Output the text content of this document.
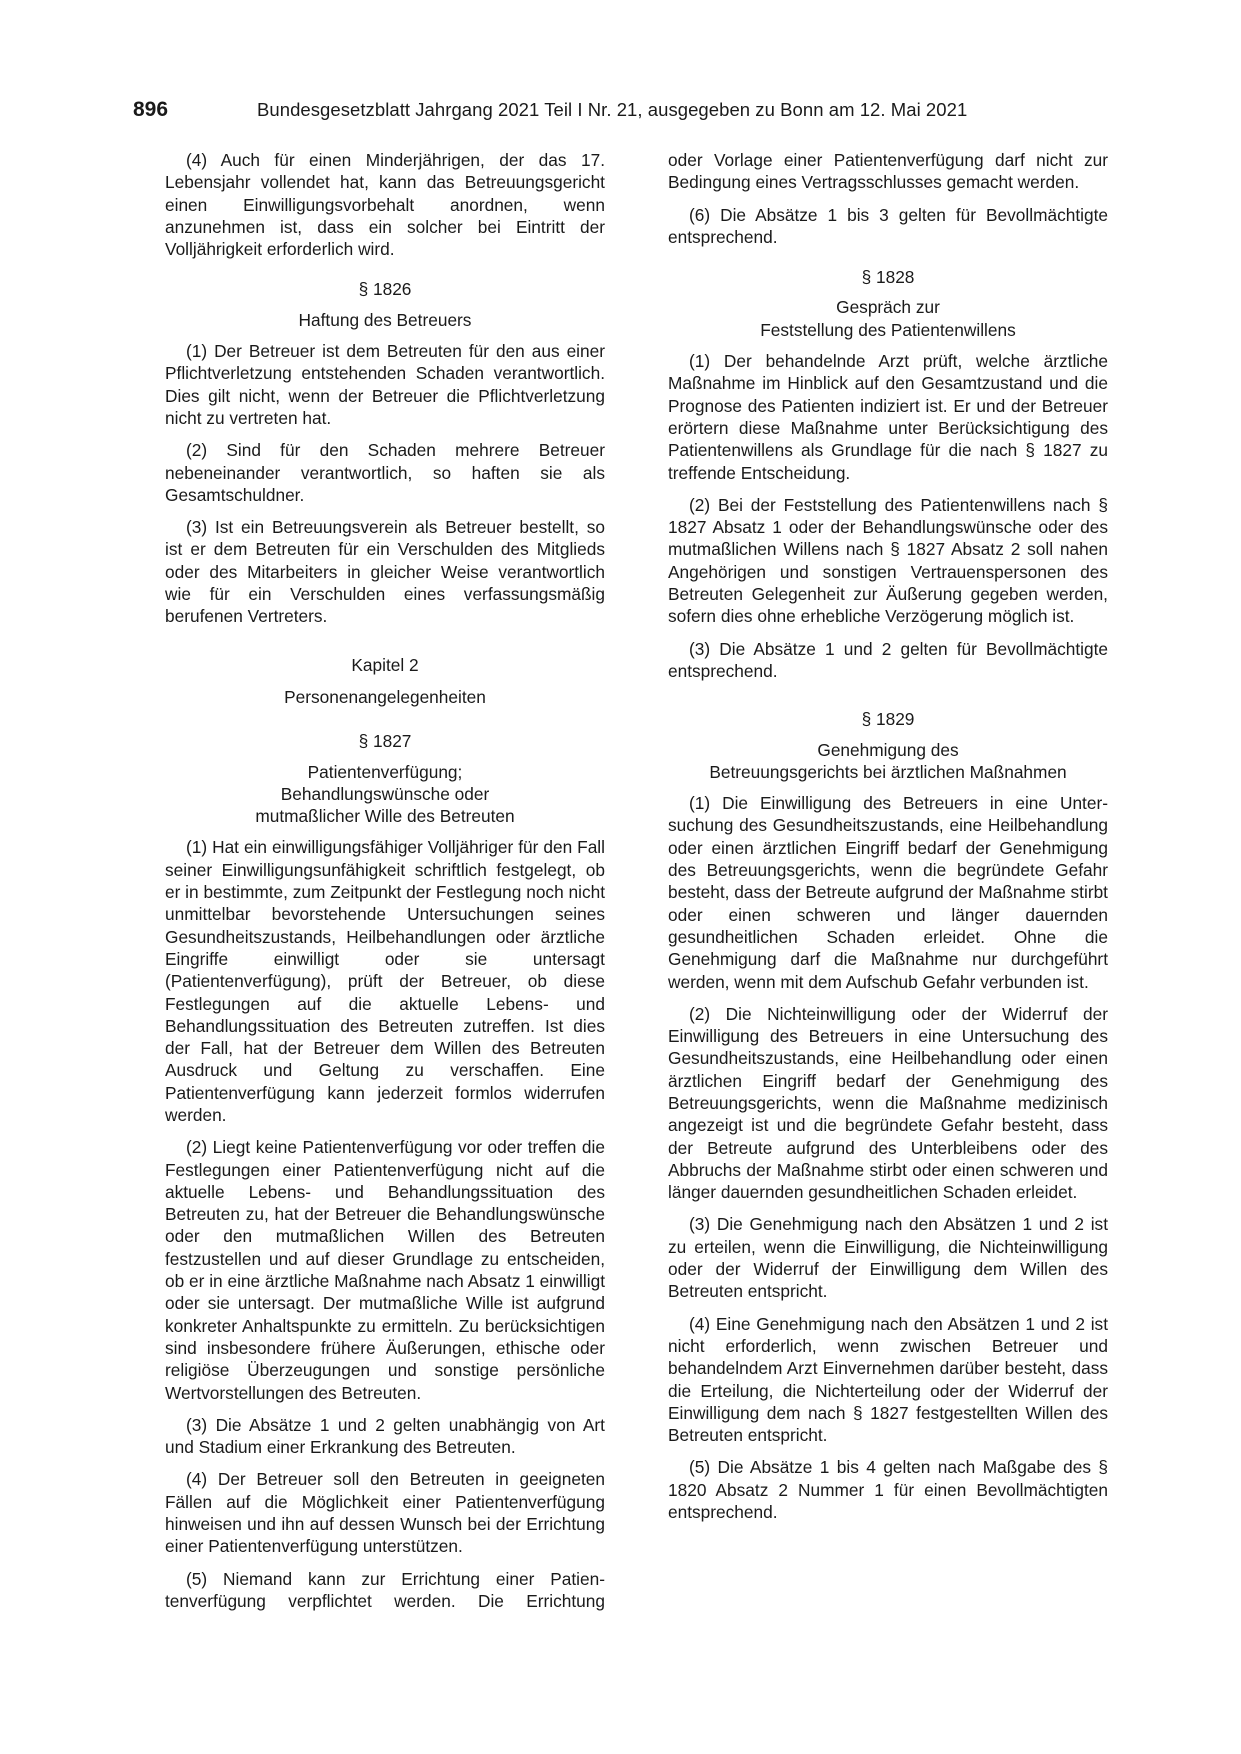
896	Bundesgesetzblatt Jahrgang 2021 Teil I Nr. 21, ausgegeben zu Bonn am 12. Mai 2021

(4) Auch für einen Minderjährigen, der das 17. Lebensjahr vollendet hat, kann das Betreuungsgericht einen Einwilligungsvorbehalt anordnen, wenn anzunehmen ist, dass ein solcher bei Eintritt der Volljährigkeit erforderlich wird.

§ 1826
Haftung des Betreuers

(1) Der Betreuer ist dem Betreuten für den aus einer Pflichtverletzung entstehenden Schaden verantwortlich. Dies gilt nicht, wenn der Betreuer die Pflichtverletzung nicht zu vertreten hat.

(2) Sind für den Schaden mehrere Betreuer nebeneinander verantwortlich, so haften sie als Gesamtschuldner.

(3) Ist ein Betreuungsverein als Betreuer bestellt, so ist er dem Betreuten für ein Verschulden des Mitglieds oder des Mitarbeiters in gleicher Weise verantwortlich wie für ein Verschulden eines verfassungsmäßig berufenen Vertreters.

Kapitel 2
Personenangelegenheiten
§ 1827
Patientenverfügung;
Behandlungswünsche oder
mutmaßlicher Wille des Betreuten

(1) Hat ein einwilligungsfähiger Volljähriger für den Fall seiner Einwilligungsunfähigkeit schriftlich festgelegt, ob er in bestimmte, zum Zeitpunkt der Festlegung noch nicht unmittelbar bevorstehende Untersuchungen seines Gesundheitszustands, Heilbehandlungen oder ärztliche Eingriffe einwilligt oder sie untersagt (Patientenverfügung), prüft der Betreuer, ob diese Festlegungen auf die aktuelle Lebens- und Behandlungssituation des Betreuten zutreffen. Ist dies der Fall, hat der Betreuer dem Willen des Betreuten Ausdruck und Geltung zu verschaffen. Eine Patientenverfügung kann jederzeit formlos widerrufen werden.

(2) Liegt keine Patientenverfügung vor oder treffen die Festlegungen einer Patientenverfügung nicht auf die aktuelle Lebens- und Behandlungssituation des Betreuten zu, hat der Betreuer die Behandlungswünsche oder den mutmaßlichen Willen des Betreuten festzustellen und auf dieser Grundlage zu entscheiden, ob er in eine ärztliche Maßnahme nach Absatz 1 einwilligt oder sie untersagt. Der mutmaßliche Wille ist aufgrund konkreter Anhaltspunkte zu ermitteln. Zu berücksichtigen sind insbesondere frühere Äußerungen, ethische oder religiöse Überzeugungen und sonstige persönliche Wertvorstellungen des Betreuten.

(3) Die Absätze 1 und 2 gelten unabhängig von Art und Stadium einer Erkrankung des Betreuten.

(4) Der Betreuer soll den Betreuten in geeigneten Fällen auf die Möglichkeit einer Patientenverfügung hinweisen und ihn auf dessen Wunsch bei der Errichtung einer Patientenverfügung unterstützen.

(5) Niemand kann zur Errichtung einer Patientenverfügung verpflichtet werden. Die Errichtung

oder Vorlage einer Patientenverfügung darf nicht zur Bedingung eines Vertragsschlusses gemacht werden.

(6) Die Absätze 1 bis 3 gelten für Bevollmächtigte entsprechend.

§ 1828
Gespräch zur
Feststellung des Patientenwillens

(1) Der behandelnde Arzt prüft, welche ärztliche Maßnahme im Hinblick auf den Gesamtzustand und die Prognose des Patienten indiziert ist. Er und der Betreuer erörtern diese Maßnahme unter Berücksichtigung des Patientenwillens als Grundlage für die nach § 1827 zu treffende Entscheidung.

(2) Bei der Feststellung des Patientenwillens nach § 1827 Absatz 1 oder der Behandlungswünsche oder des mutmaßlichen Willens nach § 1827 Absatz 2 soll nahen Angehörigen und sonstigen Vertrauenspersonen des Betreuten Gelegenheit zur Äußerung gegeben werden, sofern dies ohne erhebliche Verzögerung möglich ist.

(3) Die Absätze 1 und 2 gelten für Bevollmächtigte entsprechend.

§ 1829
Genehmigung des
Betreuungsgerichts bei ärztlichen Maßnahmen

(1) Die Einwilligung des Betreuers in eine Untersuchung des Gesundheitszustands, eine Heilbehandlung oder einen ärztlichen Eingriff bedarf der Genehmigung des Betreuungsgerichts, wenn die begründete Gefahr besteht, dass der Betreute aufgrund der Maßnahme stirbt oder einen schweren und länger dauernden gesundheitlichen Schaden erleidet. Ohne die Genehmigung darf die Maßnahme nur durchgeführt werden, wenn mit dem Aufschub Gefahr verbunden ist.

(2) Die Nichteinwilligung oder der Widerruf der Einwilligung des Betreuers in eine Untersuchung des Gesundheitszustands, eine Heilbehandlung oder einen ärztlichen Eingriff bedarf der Genehmigung des Betreuungsgerichts, wenn die Maßnahme medizinisch angezeigt ist und die begründete Gefahr besteht, dass der Betreute aufgrund des Unterbleibens oder des Abbruchs der Maßnahme stirbt oder einen schweren und länger dauernden gesundheitlichen Schaden erleidet.

(3) Die Genehmigung nach den Absätzen 1 und 2 ist zu erteilen, wenn die Einwilligung, die Nichteinwilligung oder der Widerruf der Einwilligung dem Willen des Betreuten entspricht.

(4) Eine Genehmigung nach den Absätzen 1 und 2 ist nicht erforderlich, wenn zwischen Betreuer und behandelndem Arzt Einvernehmen darüber besteht, dass die Erteilung, die Nichterteilung oder der Widerruf der Einwilligung dem nach § 1827 festgestellten Willen des Betreuten entspricht.

(5) Die Absätze 1 bis 4 gelten nach Maßgabe des § 1820 Absatz 2 Nummer 1 für einen Bevollmächtigten entsprechend.
